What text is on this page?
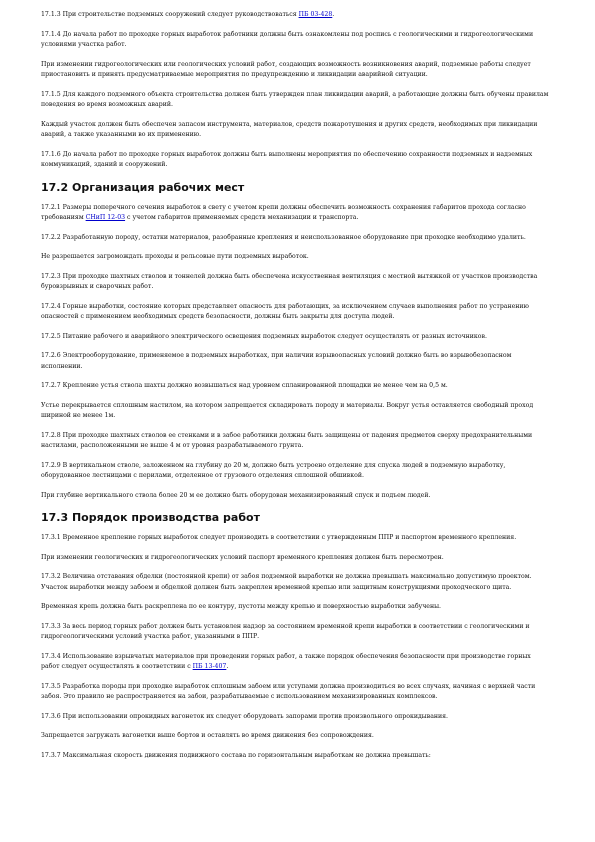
17.1.3 При строительстве подземных сооружений следует руководствоваться ПБ 03-428.

17.1.4 До начала работ по проходке горных выработок работники должны быть ознакомлены под роспись с геологическими и гидрогеологическими условиями участка работ.

При изменении гидрогеологических или геологических условий работ, создающих возможность возникновения аварий, подземные работы следует приостановить и принять предусматриваемые мероприятия по предупреждению и ликвидации аварийной ситуации.

17.1.5 Для каждого подземного объекта строительства должен быть утвержден план ликвидации аварий, а работающие должны быть обучены правилам поведения во время возможных аварий.

Каждый участок должен быть обеспечен запасом инструмента, материалов, средств пожаротушения и других средств, необходимых при ликвидации аварий, а также указанными во их применению.

17.1.6 До начала работ по проходке горных выработок должны быть выполнены мероприятия по обеспечению сохранности подземных и надземных коммуникаций, зданий и сооружений.

17.2 Организация рабочих мест

17.2.1 Размеры поперечного сечения выработок в свету с учетом крепи должны обеспечить возможность сохранения габаритов прохода согласно требованиям СНиП 12-03 с учетом габаритов применяемых средств механизации и транспорта.

17.2.2 Разработанную породу, остатки материалов, разобранные крепления и неиспользованное оборудование при проходке необходимо удалить.

Не разрешается загромождать проходы и рельсовые пути подземных выработок.

17.2.3 При проходке шахтных стволов и тоннелей должна быть обеспечена искусственная вентиляция с местной вытяжкой от участков производства буровзрывных и сварочных работ.

17.2.4 Горные выработки, состояние которых представляет опасность для работающих, за исключением случаев выполнения работ по устранению опасностей с применением необходимых средств безопасности, должны быть закрыты для доступа людей.

17.2.5 Питание рабочего и аварийного электрического освещения подземных выработок следует осуществлять от разных источников.

17.2.6 Электрооборудование, применяемое в подземных выработках, при наличии взрывоопасных условий должно быть во взрывобезопасном исполнении.

17.2.7 Крепление устья ствола шахты должно возвышаться над уровнем спланированной площадки не менее чем на 0,5 м.

Устье перекрывается сплошным настилом, на котором запрещается складировать породу и материалы. Вокруг устья оставляется свободный проход шириной не менее 1м.

17.2.8 При проходке шахтных стволов ее стенками и в забое работники должны быть защищены от падения предметов сверху предохранительными настилами, расположенными не выше 4 м от уровня разрабатываемого грунта.

17.2.9 В вертикальном стволе, заложенном на глубину до 20 м, должно быть устроено отделение для спуска людей в подземную выработку, оборудованное лестницами с перилами, отделенное от грузового отделения сплошной обшивкой.

При глубине вертикального ствола более 20 м ее должно быть оборудован механизированный спуск и подъем людей.

17.3 Порядок производства работ

17.3.1 Временное крепление горных выработок следует производить в соответствии с утвержденным ППР и паспортом временного крепления.

При изменении геологических и гидрогеологических условий паспорт временного крепления должен быть пересмотрен.

17.3.2 Величина отставания обделки (постоянной крепи) от забоя подземной выработки не должна превышать максимально допустимую проектом. Участок выработки между забоем и обделкой должен быть закреплен временной крепью или защитным конструкциями проходческого щита.

Временная крепь должна быть раскреплена по ее контуру, пустоты между крепью и поверхностью выработки забучены.

17.3.3 За весь период горных работ должен быть установлен надзор за состоянием временной крепи выработки в соответствии с геологическими и гидрогеологическими условий участка работ, указанными в ППР.

17.3.4 Использование взрывчатых материалов при проведении горных работ, а также порядок обеспечения безопасности при производстве горных работ следует осуществлять в соответствии с ПБ 13-407.

17.3.5 Разработка породы при проходке выработок сплошным забоем или уступами должна производиться во всех случаях, начиная с верхней части забоя. Это правило не распространяется на забои, разрабатываемые с использованием механизированных комплексов.

17.3.6 При использовании опрокидных вагонеток их следует оборудовать запорами против произвольного опрокидывания.

Запрещается загружать вагонетки выше бортов и оставлять во время движения без сопровождения.

17.3.7 Максимальная скорость движения подвижного состава по горизонтальным выработкам не должна превышать:
